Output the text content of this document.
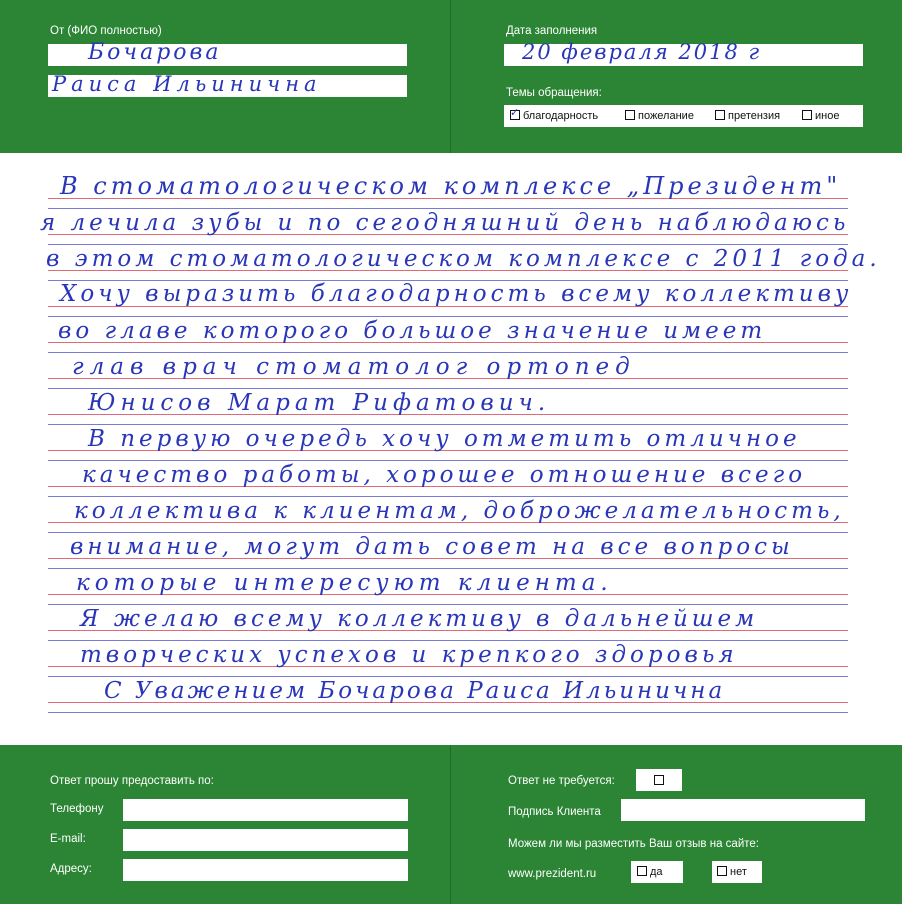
От (ФИО полностью)
Бочарова
Раиса Ильинична
Дата заполнения
20 февраля 2018 г
Темы обращения:
✓благодарность	пожелание	претензия	иное
В стоматологическом комплексе „Президент"
я лечила зубы и по сегодняшний день наблюдаюсь
в этом стоматологическом комплексе с 2011 года.
Хочу выразить благодарность всему коллективу
во главе которого большое значение имеет
глав врач стоматолог ортопед
Юнисов Марат Рифатович.
В первую очередь хочу отметить отличное
качество работы, хорошее отношение всего
коллектива к клиентам, доброжелательность,
внимание, могут дать совет на все вопросы
которые интересуют клиента.
Я желаю всему коллективу в дальнейшем
творческих успехов и крепкого здоровья
С Уважением Бочарова Раиса Ильинична
Ответ прошу предоставить по:
Телефону
E-mail:
Адресу:
Ответ не требуется:
Подпись Клиента
Можем ли мы разместить Ваш отзыв на сайте:
www.prezident.ru	да	нет
